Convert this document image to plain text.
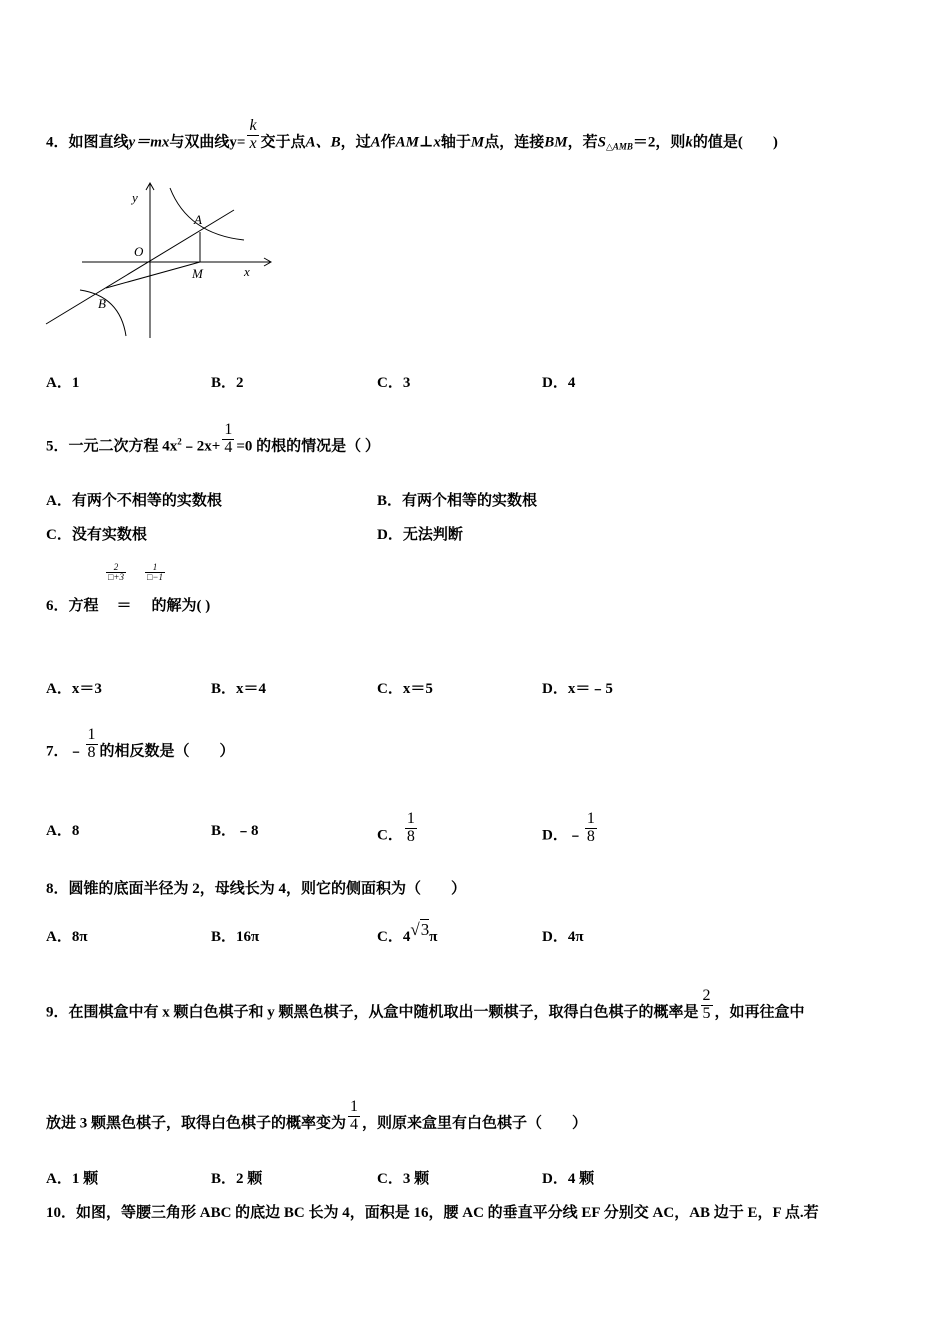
4．如图直线y＝mx与双曲线$y= \frac{k}{x}$ 交于点A、B，过A作AM⊥x轴于M点，连接BM，若$S_{\triangle AMB}=2$，则k的值是(　　)
y
x
O
A
M
B
A．1	B．2	C．3	D．4
5．一元二次方程 $4x^2﹣2x+ \frac{1}{4} =0$ 的根的情况是（ ）
A．有两个不相等的实数根	B．有两个相等的实数根
C．没有实数根	D．无法判断
6．方程 ＝ 的解为( )
$\frac{2}{□+3} \frac{1}{□-1}$
A．x＝3	B．x＝4	C．x＝5	D．x＝﹣5
7．﹣ $\frac{1}{8}$ 的相反数是（　　）
A．8	B．﹣8	C． $\frac{1}{8}$	D．﹣ $\frac{1}{8}$
8．圆锥的底面半径为 2，母线长为 4，则它的侧面积为（　　）
A．8π	B．16π	C．4√3π	D．4π
9．在围棋盒中有 x 颗白色棋子和 y 颗黑色棋子，从盒中随机取出一颗棋子，取得白色棋子的概率是 $\frac{2}{5}$ ，如再往盒中
放进 3 颗黑色棋子，取得白色棋子的概率变为 $\frac{1}{4}$ ，则原来盒里有白色棋子（　　）
A．1 颗	B．2 颗	C．3 颗	D．4 颗
10．如图，等腰三角形 ABC 的底边 BC 长为 4，面积是 16，腰 AC 的垂直平分线 EF 分别交 AC，AB 边于 E，F 点.若
